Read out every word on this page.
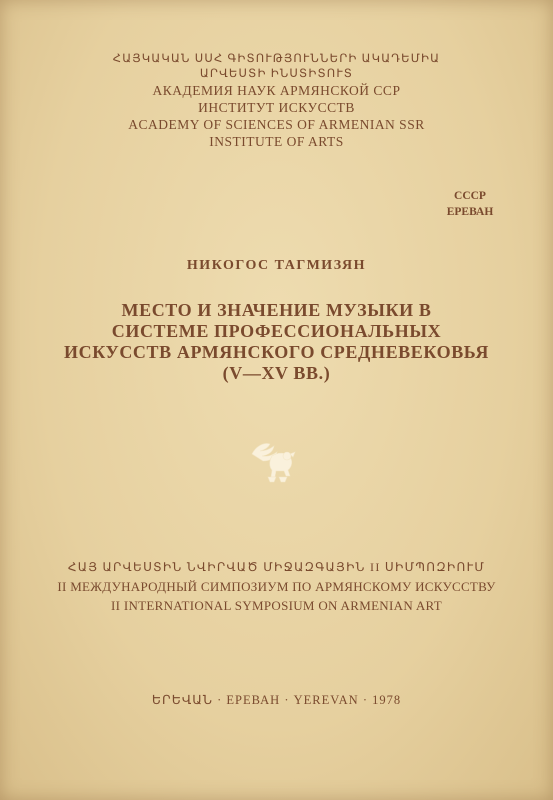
ՀԱՅԿԱԿԱՆ ՍՍՀ ԳԻՏՈՒԹՅՈՒՆՆԵՐԻ ԱԿԱԴԵՄԻԱ
ԱՐՎԵՍՏԻ ԻՆՍՏԻՏՈՒՏ
АКАДЕМИЯ НАУК АРМЯНСКОЙ ССР
ИНСТИТУТ ИСКУССТВ
ACADEMY OF SCIENCES OF ARMENIAN SSR
INSTITUTE OF ARTS
СССР
ЕРЕВАН
НИКОГОС ТАГМИЗЯН
МЕСТО И ЗНАЧЕНИЕ МУЗЫКИ В
СИСТЕМЕ ПРОФЕССИОНАЛЬНЫХ
ИСКУССТВ АРМЯНСКОГО СРЕДНЕВЕКОВЬЯ
(V—XV ВВ.)
ՀԱՅ ԱՐՎԵՍՏԻՆ ՆՎԻՐՎԱԾ ՄԻՋԱԶԳԱՅԻՆ II ՍԻՄՊՈԶԻՈՒՄ
II МЕЖДУНАРОДНЫЙ СИМПОЗИУМ ПО АРМЯНСКОМУ ИСКУССТВУ
II INTERNATIONAL SYMPOSIUM ON ARMENIAN ART
ԵՐԵՎԱՆ · ЕРЕВАН · YEREVAN · 1978
